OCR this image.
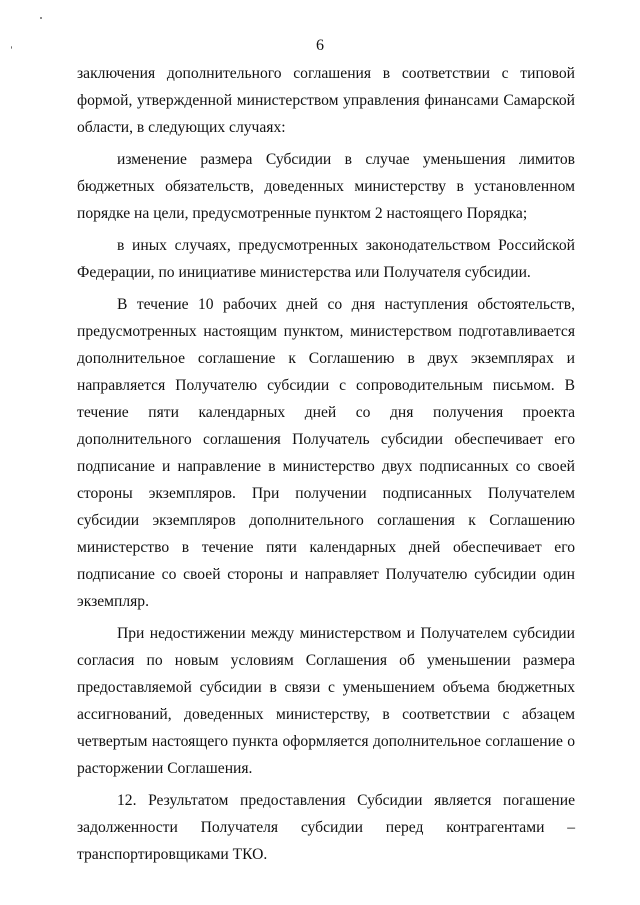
6

заключения дополнительного соглашения в соответствии с типовой формой, утвержденной министерством управления финансами Самарской области, в следующих случаях:

изменение размера Субсидии в случае уменьшения лимитов бюджетных обязательств, доведенных министерству в установленном порядке на цели, предусмотренные пунктом 2 настоящего Порядка;

в иных случаях, предусмотренных законодательством Российской Федерации, по инициативе министерства или Получателя субсидии.

В течение 10 рабочих дней со дня наступления обстоятельств, предусмотренных настоящим пунктом, министерством подготавливается дополнительное соглашение к Соглашению в двух экземплярах и направляется Получателю субсидии с сопроводительным письмом. В течение пяти календарных дней со дня получения проекта дополнительного соглашения Получатель субсидии обеспечивает его подписание и направление в министерство двух подписанных со своей стороны экземпляров. При получении подписанных Получателем субсидии экземпляров дополнительного соглашения к Соглашению министерство в течение пяти календарных дней обеспечивает его подписание со своей стороны и направляет Получателю субсидии один экземпляр.

При недостижении между министерством и Получателем субсидии согласия по новым условиям Соглашения об уменьшении размера предоставляемой субсидии в связи с уменьшением объема бюджетных ассигнований, доведенных министерству, в соответствии с абзацем четвертым настоящего пункта оформляется дополнительное соглашение о расторжении Соглашения.

12. Результатом предоставления Субсидии является погашение задолженности Получателя субсидии перед контрагентами – транспортировщиками ТКО.
